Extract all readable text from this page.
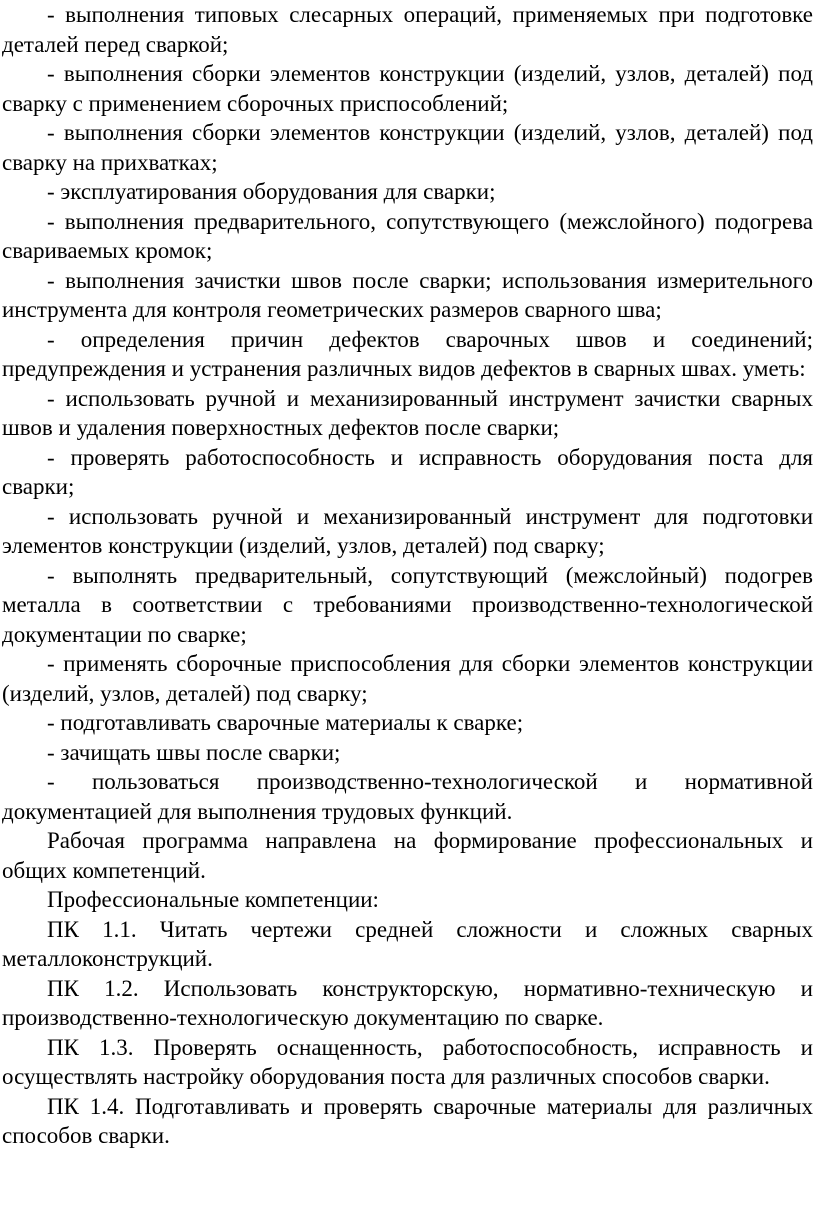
- выполнения типовых слесарных операций, применяемых при подготовке деталей перед сваркой;

- выполнения сборки элементов конструкции (изделий, узлов, деталей) под сварку с применением сборочных приспособлений;

- выполнения сборки элементов конструкции (изделий, узлов, деталей) под сварку на прихватках;

- эксплуатирования оборудования для сварки;

- выполнения предварительного, сопутствующего (межслойного) подогрева свариваемых кромок;

- выполнения зачистки швов после сварки; использования измерительного инструмента для контроля геометрических размеров сварного шва;

- определения причин дефектов сварочных швов и соединений; предупреждения и устранения различных видов дефектов в сварных швах. уметь:

- использовать ручной и механизированный инструмент зачистки сварных швов и удаления поверхностных дефектов после сварки;

- проверять работоспособность и исправность оборудования поста для сварки;

- использовать ручной и механизированный инструмент для подготовки элементов конструкции (изделий, узлов, деталей) под сварку;

- выполнять предварительный, сопутствующий (межслойный) подогрев металла в соответствии с требованиями производственно-технологической документации по сварке;

- применять сборочные приспособления для сборки элементов конструкции (изделий, узлов, деталей) под сварку;

- подготавливать сварочные материалы к сварке;

- зачищать швы после сварки;

- пользоваться производственно-технологической и нормативной документацией для выполнения трудовых функций.

Рабочая программа направлена на формирование профессиональных и общих компетенций.

Профессиональные компетенции:

ПК 1.1. Читать чертежи средней сложности и сложных сварных металлоконструкций.

ПК 1.2. Использовать конструкторскую, нормативно-техническую и производственно-технологическую документацию по сварке.

ПК 1.3. Проверять оснащенность, работоспособность, исправность и осуществлять настройку оборудования поста для различных способов сварки.

ПК 1.4. Подготавливать и проверять сварочные материалы для различных способов сварки.
